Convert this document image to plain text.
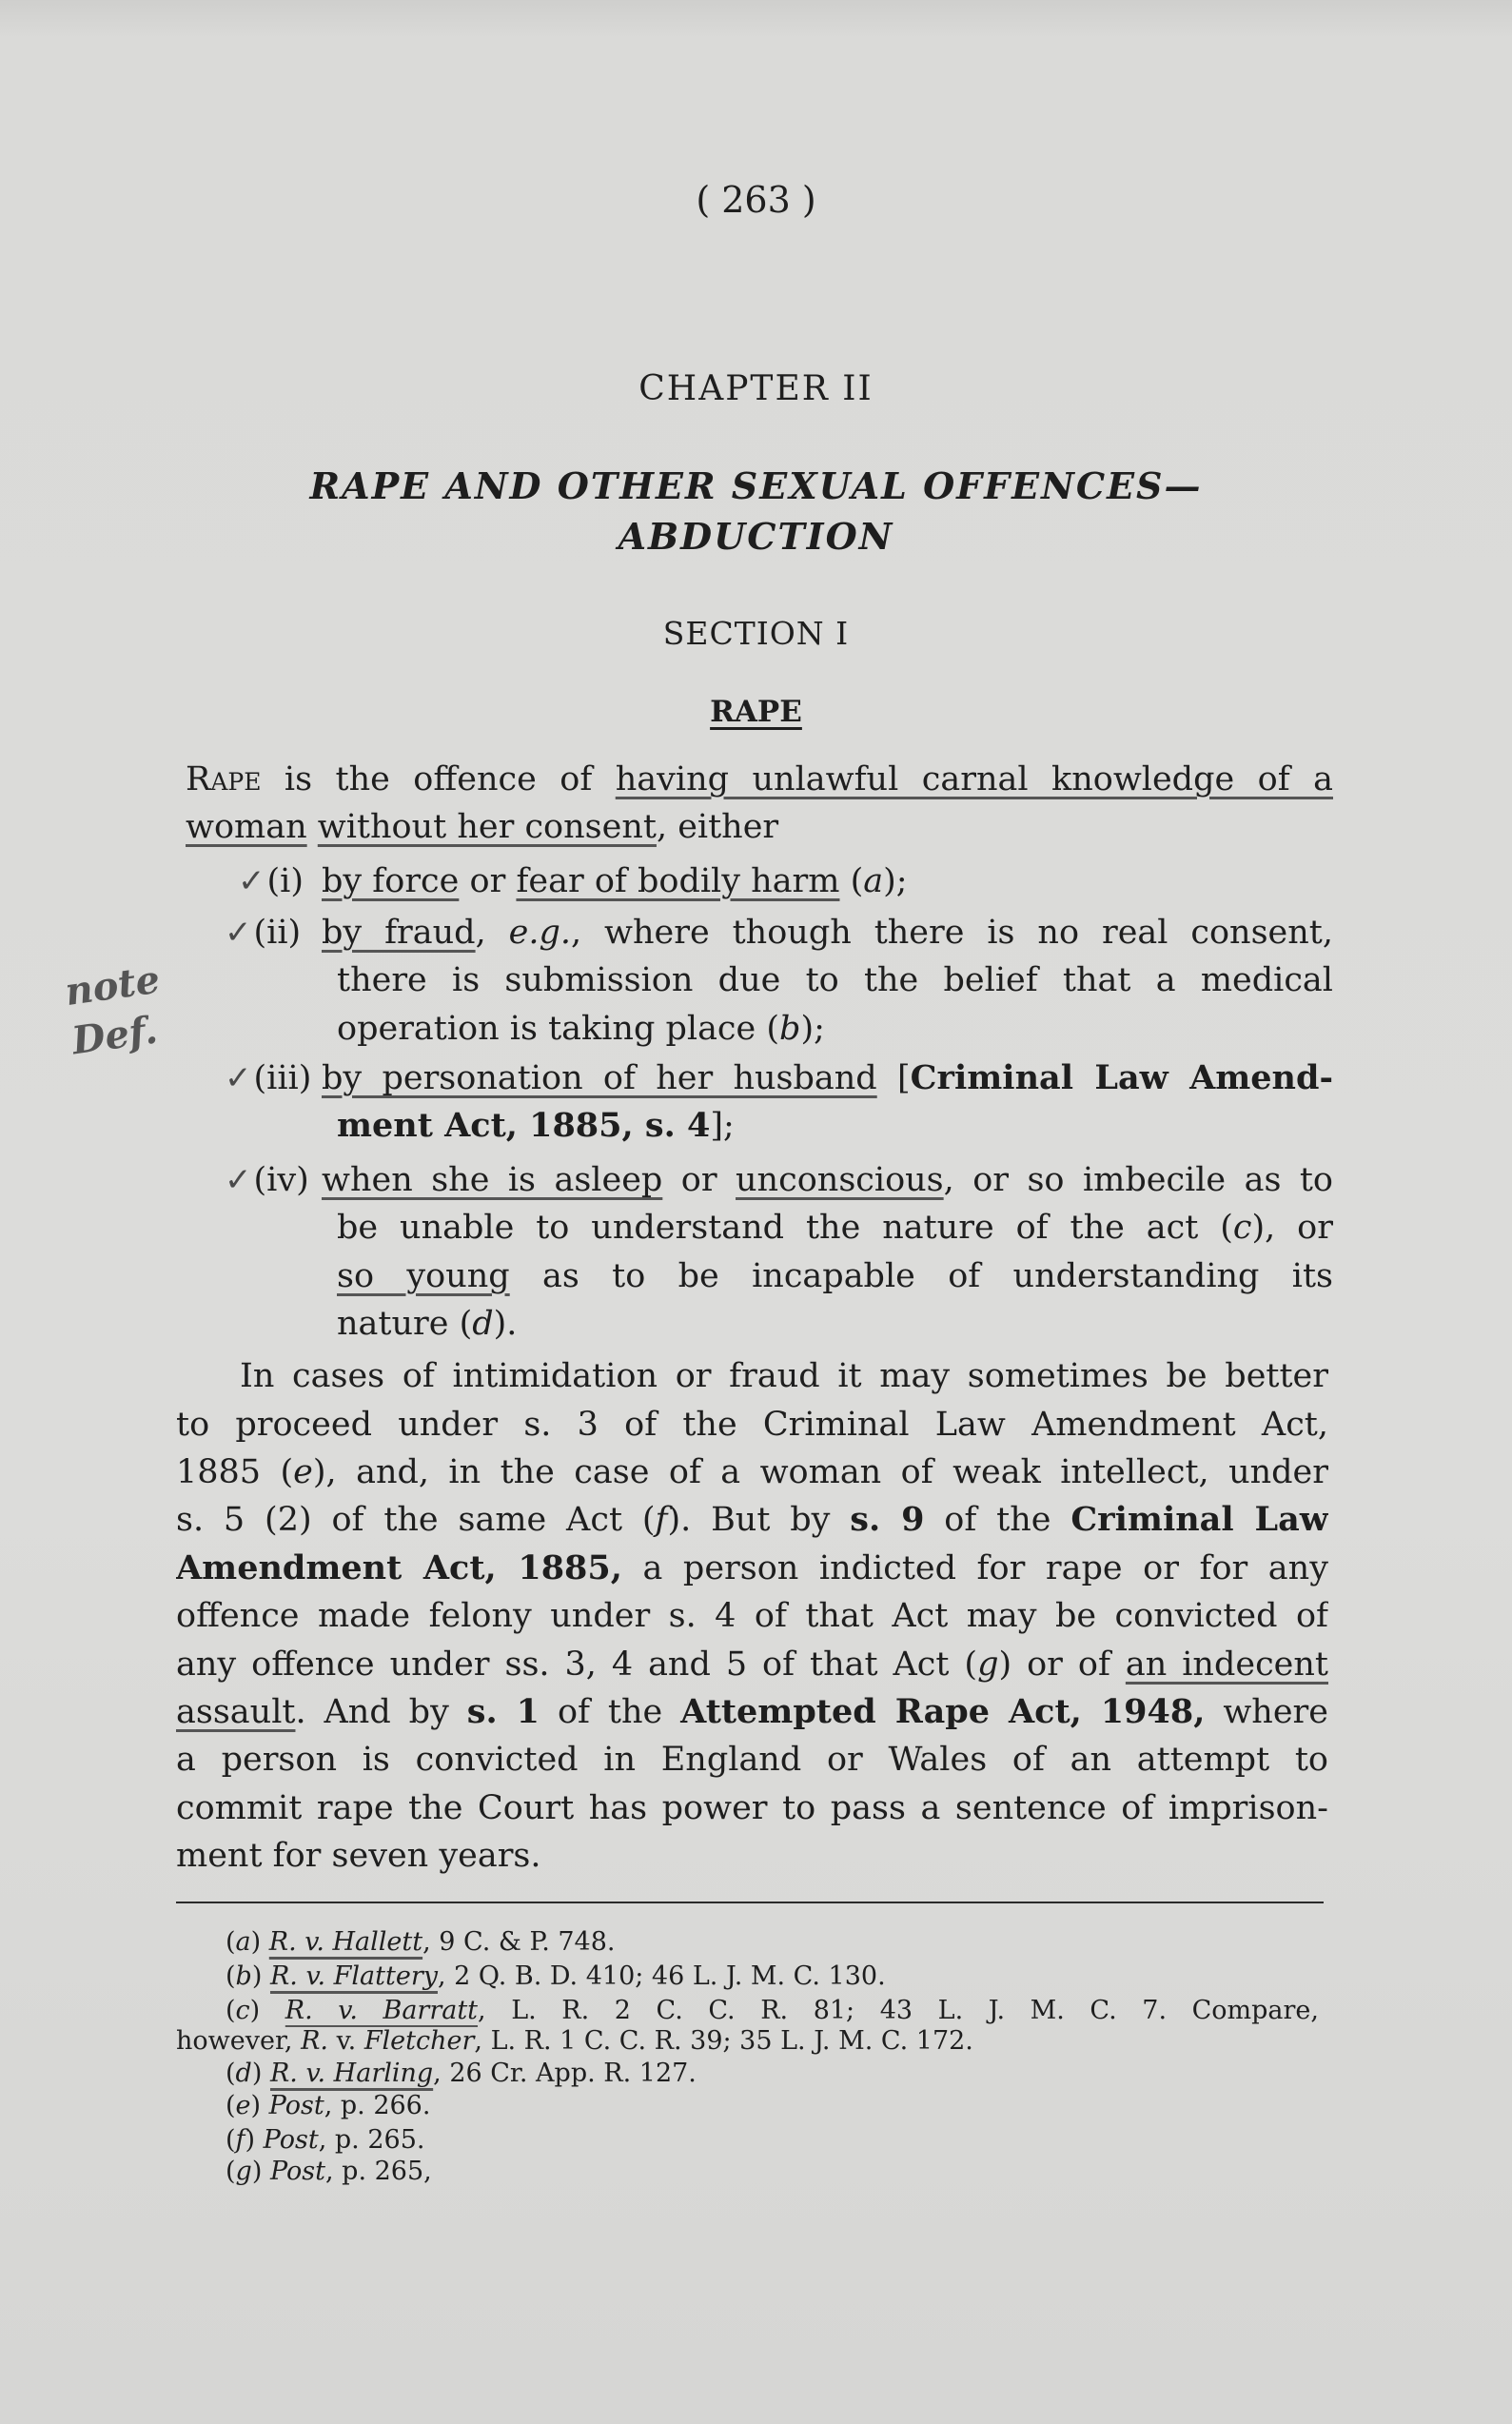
( 263 )
CHAPTER II
RAPE AND OTHER SEXUAL OFFENCES—
ABDUCTION
SECTION I
RAPE
note
Def.
Rape is the offence of having unlawful carnal knowledge of a
woman without her consent, either
by force or fear of bodily harm (a);
✓(i)
by fraud, e.g., where though there is no real consent,
✓(ii)
there is submission due to the belief that a medical
operation is taking place (b);
by personation of her husband [Criminal Law Amend-
✓(iii)
ment Act, 1885, s. 4];
when she is asleep or unconscious, or so imbecile as to
✓(iv)
be unable to understand the nature of the act (c), or
so young as to be incapable of understanding its
nature (d).
In cases of intimidation or fraud it may sometimes be better
to proceed under s. 3 of the Criminal Law Amendment Act,
1885 (e), and, in the case of a woman of weak intellect, under
s. 5 (2) of the same Act (f). But by s. 9 of the Criminal Law
Amendment Act, 1885, a person indicted for rape or for any
offence made felony under s. 4 of that Act may be convicted of
any offence under ss. 3, 4 and 5 of that Act (g) or of an indecent
assault. And by s. 1 of the Attempted Rape Act, 1948, where
a person is convicted in England or Wales of an attempt to
commit rape the Court has power to pass a sentence of imprison-
ment for seven years.
(a) R. v. Hallett, 9 C. & P. 748.
(b) R. v. Flattery, 2 Q. B. D. 410; 46 L. J. M. C. 130.
(c) R. v. Barratt, L. R. 2 C. C. R. 81; 43 L. J. M. C. 7. Compare,
however, R. v. Fletcher, L. R. 1 C. C. R. 39; 35 L. J. M. C. 172.
(d) R. v. Harling, 26 Cr. App. R. 127.
(e) Post, p. 266.
(f) Post, p. 265.
(g) Post, p. 265,
